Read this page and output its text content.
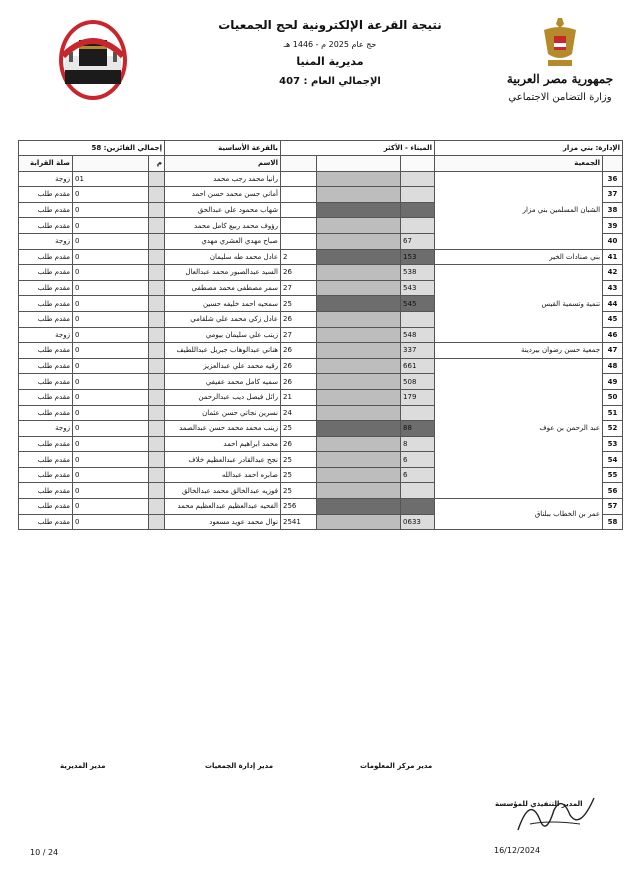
جمهورية مصر العربية
وزارة التضامن الاجتماعي
نتيجة القرعة الإلكترونية لحج الجمعيات
حج عام 2025 م - 1446 هـ
مديرية المنيا
الإجمالي العام : 407
الإدارة: بني مزار		الميناء - الأكثر			بالقرعة الأساسية	إجمالي الفائزين: 58		
	الجمعية				الاسم	م		صلة القرابة
36	الشبان المسلمين بني مزار				رانيا محمد رجب محمد		01	زوجة
37					أماني حسن محمد حسن احمد		0	مقدم طلب
38					شهاب محمود علي عبدالحق		0	مقدم طلب
39					رؤوف محمد ربيع كامل محمد		0	مقدم طلب
40		67			صباح مهدي العشري مهدي		0	زوجة
41	بني صنادات الخير	153		2	عادل محمد طه سليمان		0	مقدم طلب
42	تنمية وتسمية القيس	538		26	السيد عبدالصبور محمد عبدالعال		0	مقدم طلب
43		543		27	سمر مصطفى محمد مصطفى		0	مقدم طلب
44		545		25	سمحيه احمد خليفه حسين		0	مقدم طلب
45				26	عادل زكي محمد علي شلقامي		0	مقدم طلب
46		548		27	زينب علي سليمان بيومي		0	زوجة
47	جمعية حسن رضوان بيردينة	337		26	هناني عبدالوهاب جبريل عبداللطيف		0	مقدم طلب
48	عبد الرحمن بن عوف	661		26	رقيه محمد علي عبدالعزيز		0	مقدم طلب
49		508		26	سميه كامل محمد عفيفي		0	مقدم طلب
50		179		21	رائل فيصل ديب عبدالرحمن		0	مقدم طلب
51				24	نسرين نجاتي حسن عثمان		0	مقدم طلب
52		88		25	زينب محمد محمد حسن عبدالصمد		0	زوجة
53		8		26	محمد ابراهيم احمد		0	مقدم طلب
54		6		25	نجح عبدالقادر عبدالعظيم خلاف		0	مقدم طلب
55		6		25	صابره احمد عبدالله		0	مقدم طلب
56				25	فوزيه عبدالخالق محمد عبدالخالق		0	مقدم طلب
57	عمر بن الخطاب ببلناق			256	الفحيه عبدالعظيم عبدالعظيم محمد		0	مقدم طلب
58		0633		2541	نوال محمد عويد مسعود		0	مقدم طلب
مدير المديرية	مدير إدارة الجمعيات	مدير مركز المعلومات
المدير التنفيذي للمؤسسة
10 / 24	16/12/2024
